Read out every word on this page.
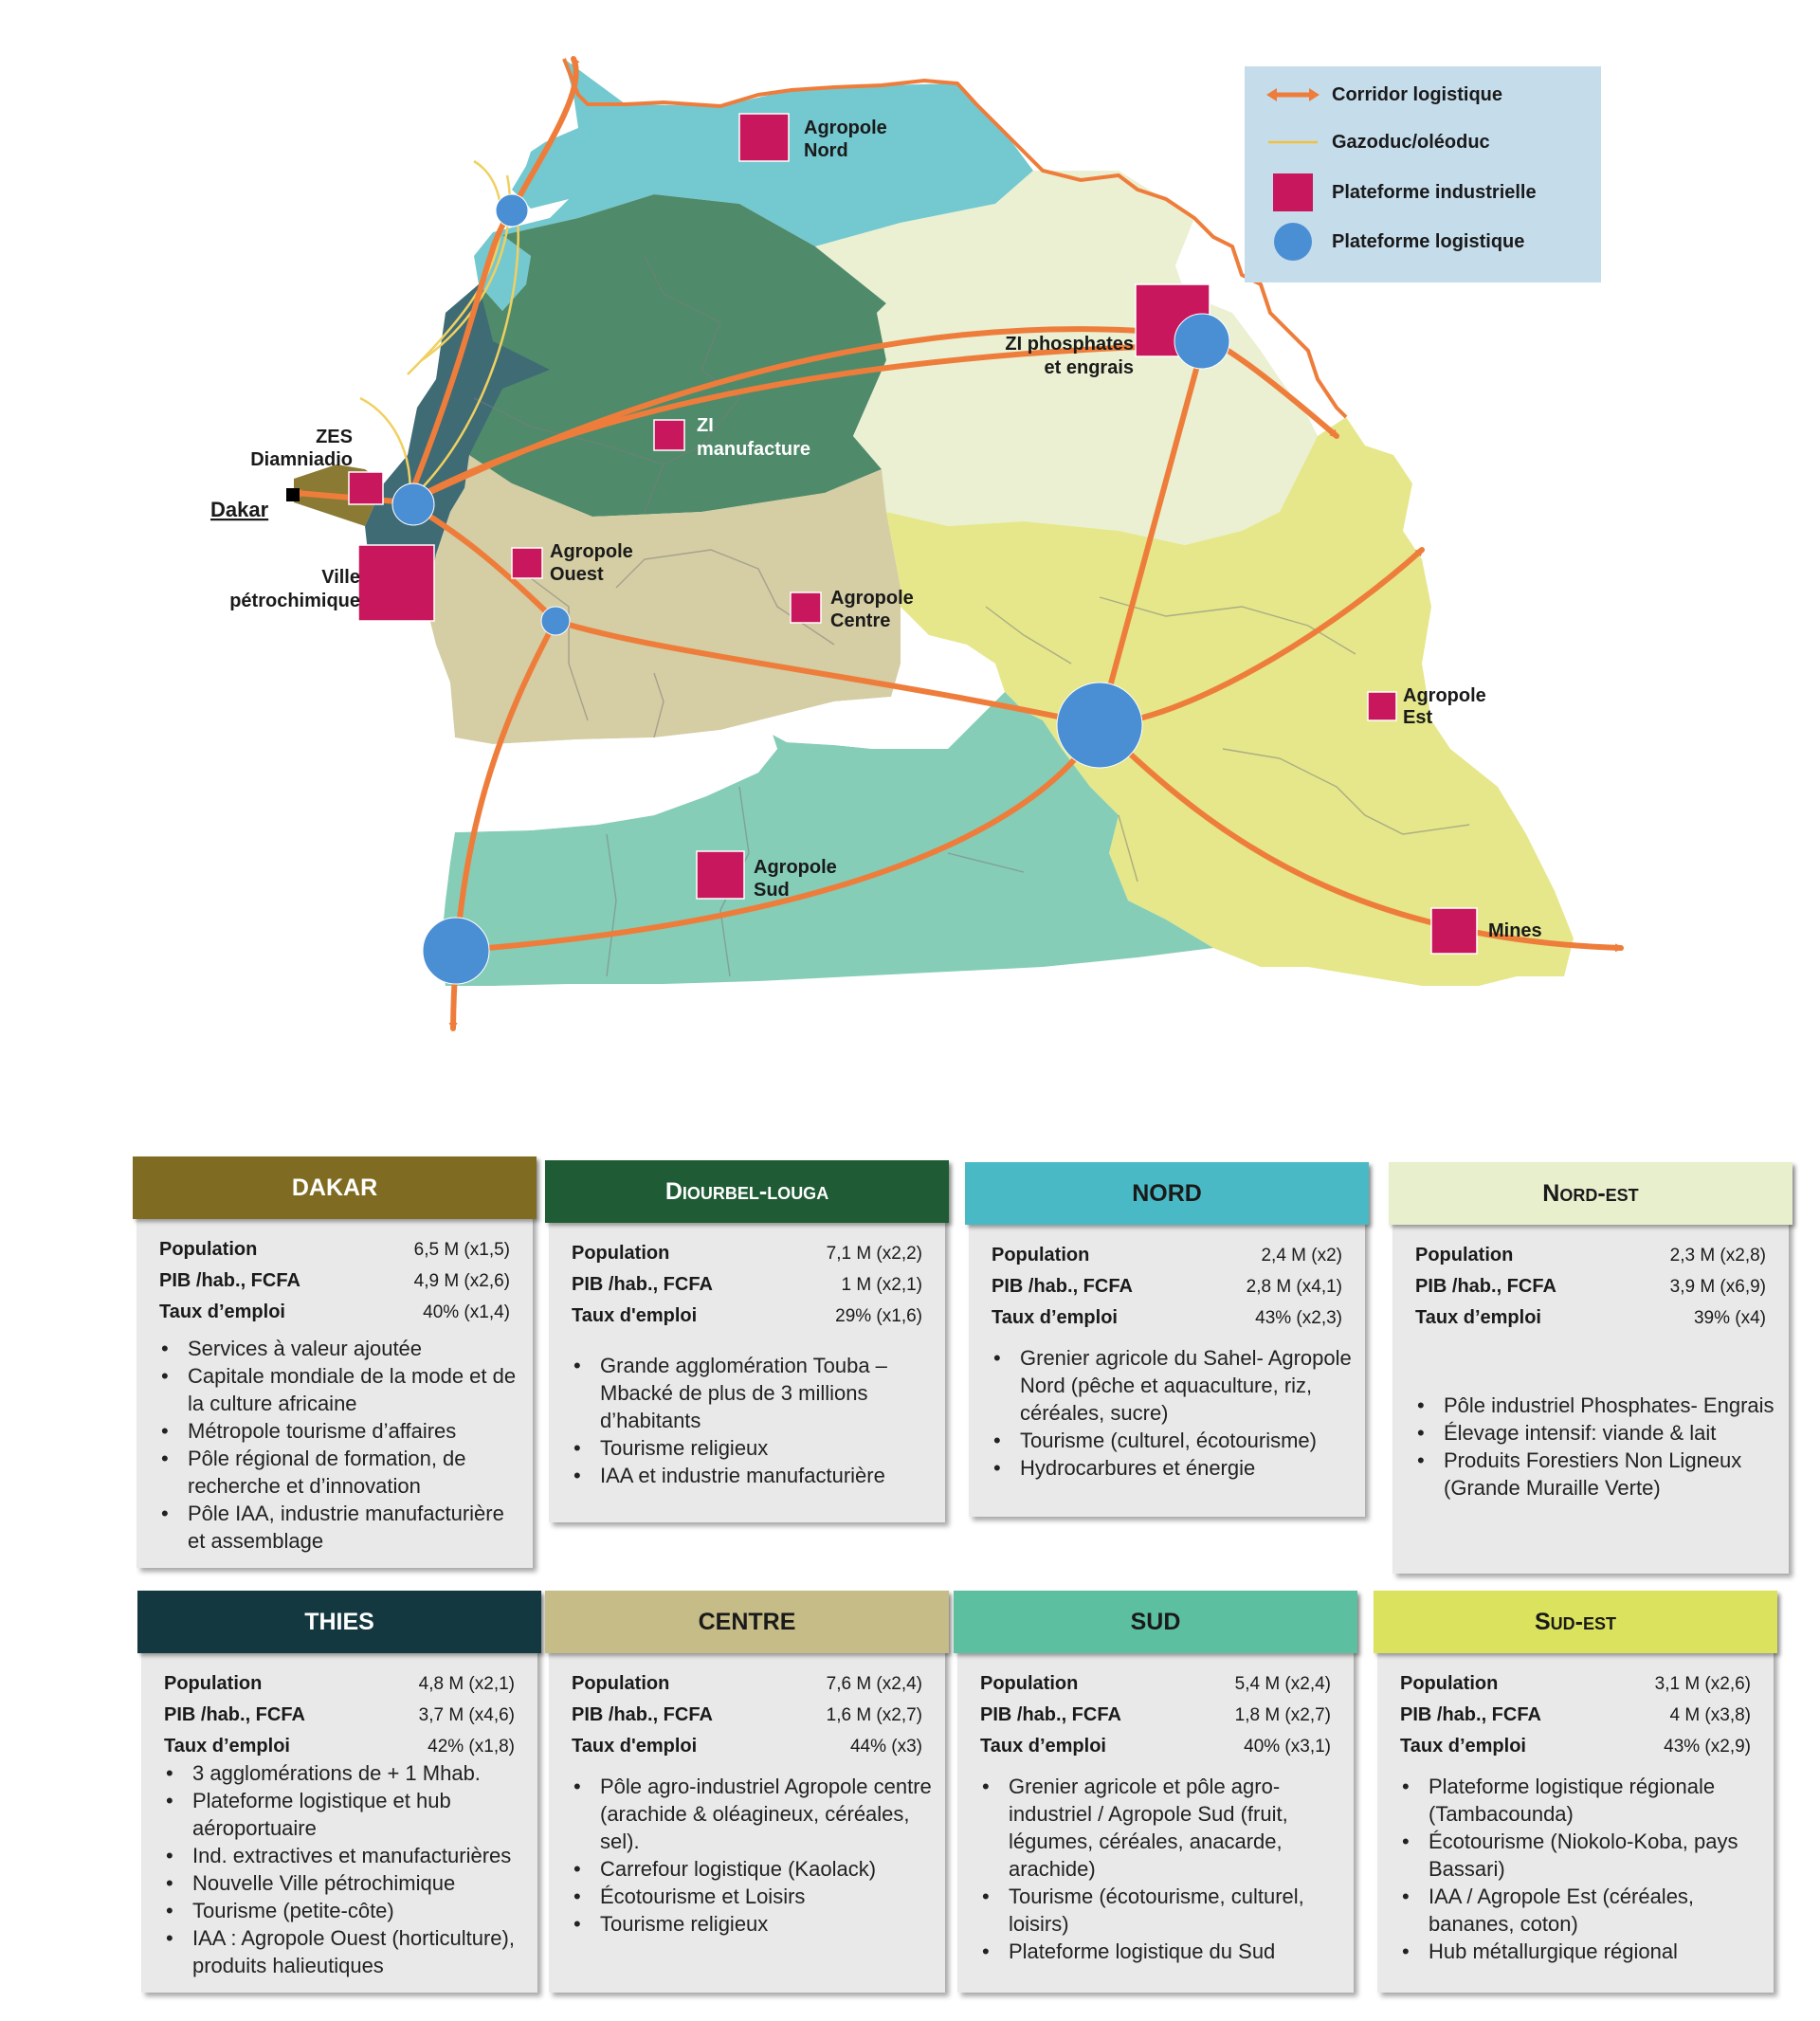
Dakar
Agropole
Nord
ZI phosphates
et engrais
ZI
manufacture
ZES
Diamniadio
Ville
pétrochimique
Agropole
Ouest
Agropole
Centre
Agropole
Est
Agropole
Sud
Mines
Corridor logistique
Gazoduc/oléoduc
Plateforme industrielle
Plateforme logistique
DAKAR
Population	6,5 M (x1,5)
PIB /hab., FCFA	4,9 M (x2,6)
Taux d’emploi	40% (x1,4)
• Services à valeur ajoutée
• Capitale mondiale de la mode et de la culture africaine
• Métropole tourisme d’affaires
• Pôle régional de formation, de recherche et d’innovation
• Pôle IAA, industrie manufacturière et assemblage
Diourbel-louga
Population	7,1 M (x2,2)
PIB /hab., FCFA	1 M (x2,1)
Taux d'emploi	29% (x1,6)
• Grande agglomération Touba – Mbacké de plus de 3 millions d’habitants
• Tourisme religieux
• IAA et industrie manufacturière
NORD
Population	2,4 M (x2)
PIB /hab., FCFA	2,8 M (x4,1)
Taux d’emploi	43% (x2,3)
• Grenier agricole du Sahel- Agropole Nord (pêche et aquaculture, riz, céréales, sucre)
• Tourisme (culturel, écotourisme)
• Hydrocarbures et énergie
Nord-est
Population	2,3 M (x2,8)
PIB /hab., FCFA	3,9 M (x6,9)
Taux d’emploi	39% (x4)
• Pôle industriel Phosphates- Engrais
• Élevage intensif: viande & lait
• Produits Forestiers Non Ligneux (Grande Muraille Verte)
THIES
Population	4,8 M (x2,1)
PIB /hab., FCFA	3,7 M (x4,6)
Taux d’emploi	42% (x1,8)
• 3 agglomérations de + 1 Mhab.
• Plateforme logistique et hub aéroportuaire
• Ind. extractives et manufacturières
• Nouvelle Ville pétrochimique
• Tourisme (petite-côte)
• IAA : Agropole Ouest (horticulture), produits halieutiques
CENTRE
Population	7,6 M (x2,4)
PIB /hab., FCFA	1,6 M (x2,7)
Taux d'emploi	44% (x3)
• Pôle agro-industriel Agropole centre (arachide & oléagineux, céréales, sel).
• Carrefour logistique (Kaolack)
• Écotourisme et Loisirs
• Tourisme religieux
SUD
Population	5,4 M (x2,4)
PIB /hab., FCFA	1,8 M (x2,7)
Taux d’emploi	40% (x3,1)
• Grenier agricole et pôle agro- industriel / Agropole Sud (fruit, légumes, céréales, anacarde, arachide)
• Tourisme (écotourisme, culturel, loisirs)
• Plateforme logistique du Sud
Sud-est
Population	3,1 M (x2,6)
PIB /hab., FCFA	4 M (x3,8)
Taux d’emploi	43% (x2,9)
• Plateforme logistique régionale (Tambacounda)
• Écotourisme (Niokolo-Koba, pays Bassari)
• IAA / Agropole Est (céréales, bananes, coton)
• Hub métallurgique régional
